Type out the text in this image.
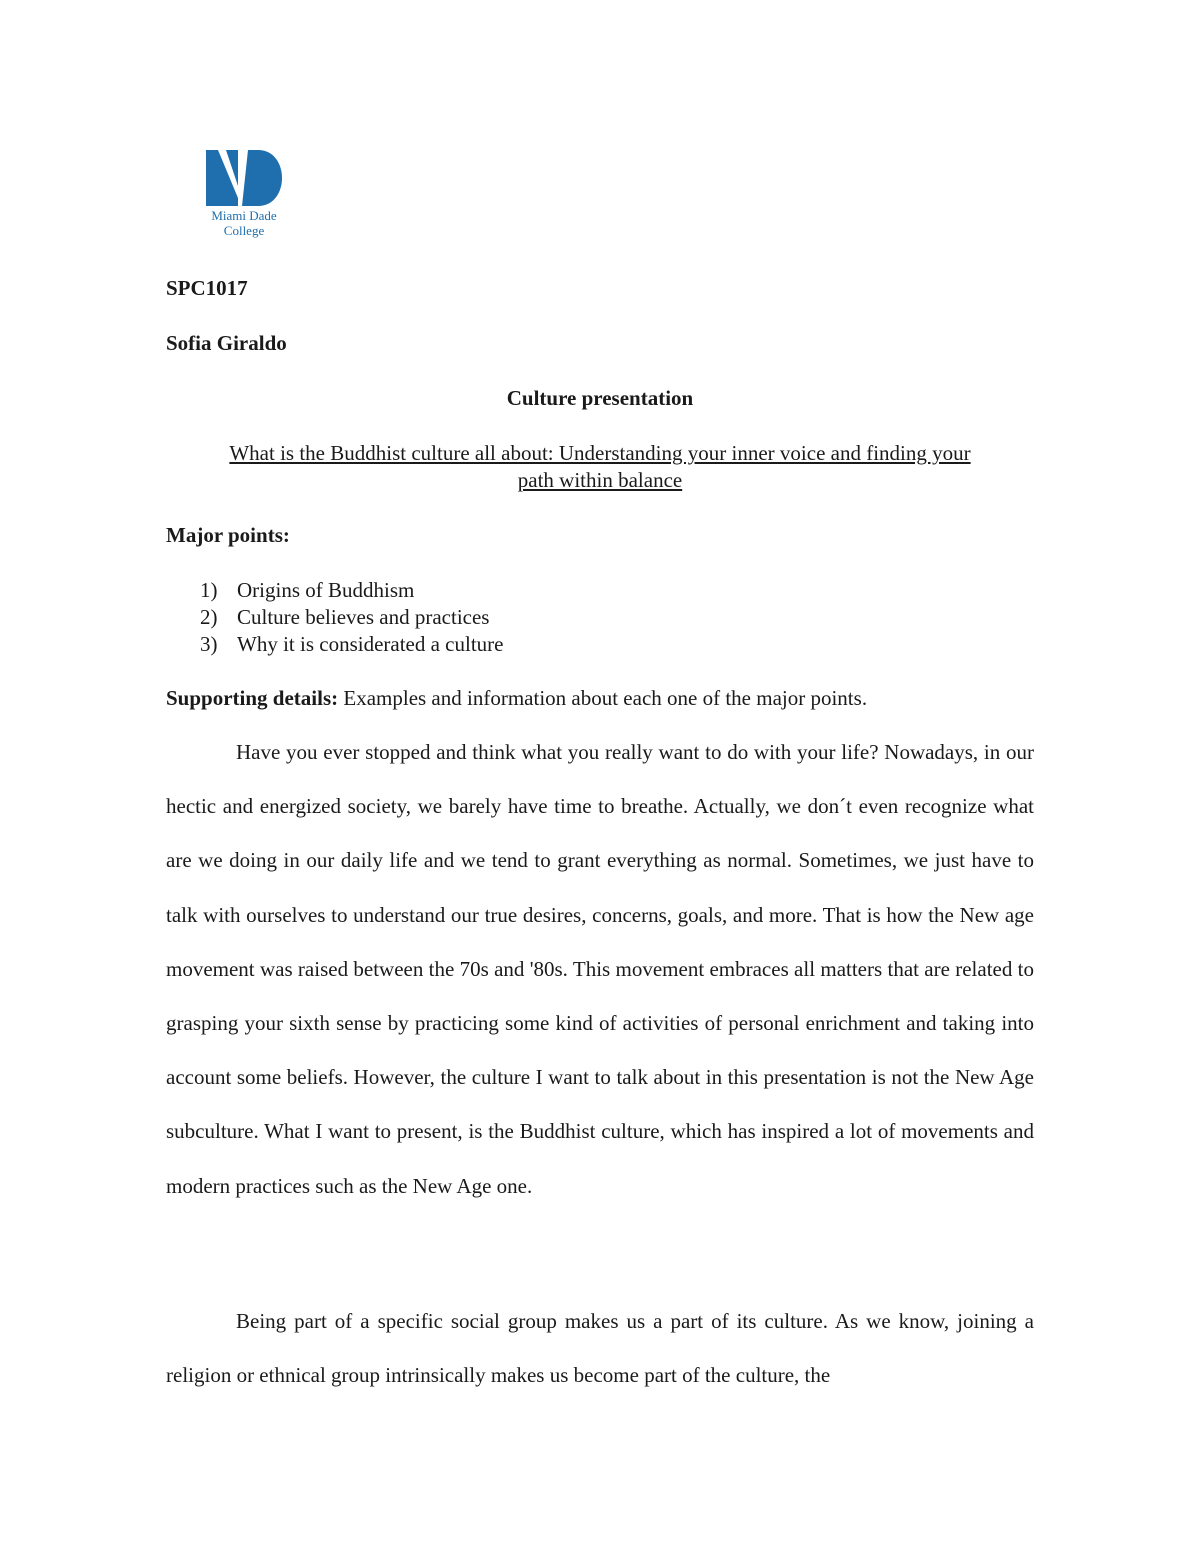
Miami Dade
College
SPC1017
Sofia Giraldo
Culture presentation
What is the Buddhist culture all about: Understanding your inner voice and finding your
path within balance
Major points:
1) Origins of Buddhism
2) Culture believes and practices
3) Why it is considerated a culture
Supporting details: Examples and information about each one of the major points.

Have you ever stopped and think what you really want to do with your life? Nowadays, in our hectic and energized society, we barely have time to breathe. Actually, we don´t even recognize what are we doing in our daily life and we tend to grant everything as normal. Sometimes, we just have to talk with ourselves to understand our true desires, concerns, goals, and more. That is how the New age movement was raised between the 70s and '80s. This movement embraces all matters that are related to grasping your sixth sense by practicing some kind of activities of personal enrichment and taking into account some beliefs. However, the culture I want to talk about in this presentation is not the New Age subculture. What I want to present, is the Buddhist culture, which has inspired a lot of movements and modern practices such as the New Age one.

Being part of a specific social group makes us a part of its culture. As we know, joining a religion or ethnical group intrinsically makes us become part of the culture, the
